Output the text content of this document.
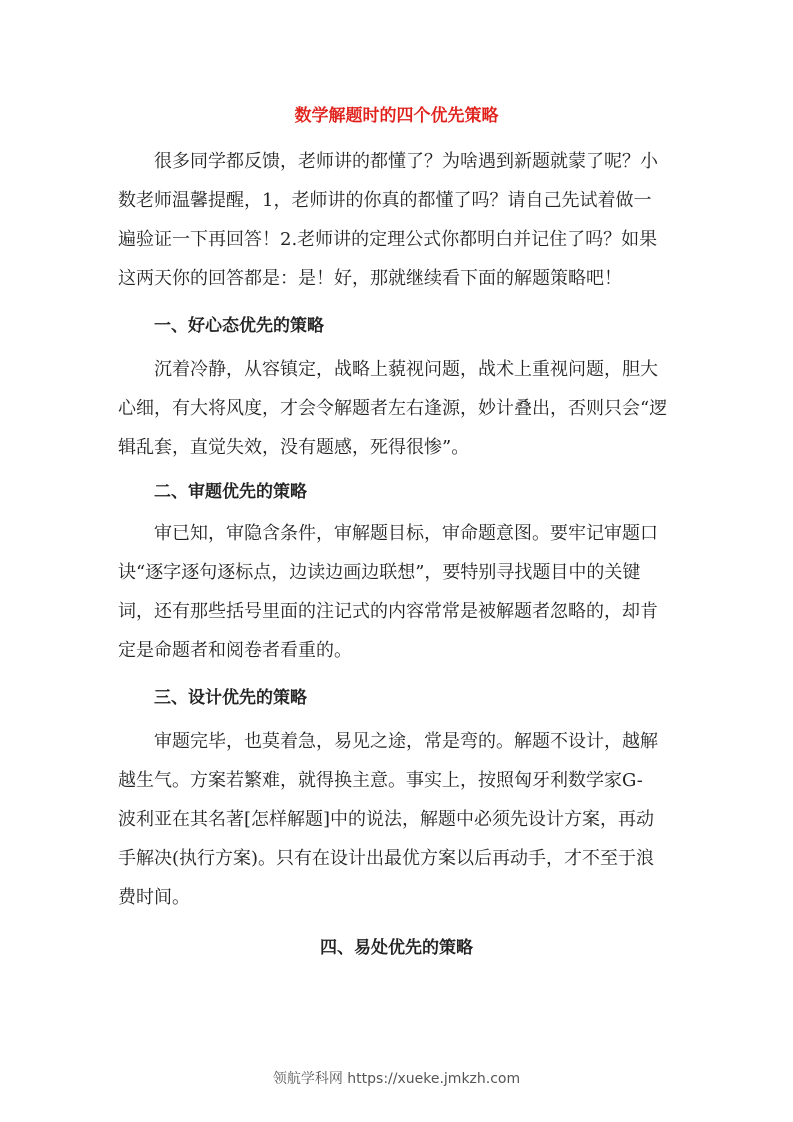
数学解题时的四个优先策略
　　很多同学都反馈，老师讲的都懂了？为啥遇到新题就蒙了呢？小
数老师温馨提醒，1，老师讲的你真的都懂了吗？请自己先试着做一
遍验证一下再回答！2.老师讲的定理公式你都明白并记住了吗？如果
这两天你的回答都是：是！好，那就继续看下面的解题策略吧！
一、好心态优先的策略
　　沉着冷静，从容镇定，战略上藐视问题，战术上重视问题，胆大
心细，有大将风度，才会令解题者左右逢源，妙计叠出，否则只会“逻
辑乱套，直觉失效，没有题感，死得很惨”。
二、审题优先的策略
　　审已知，审隐含条件，审解题目标，审命题意图。要牢记审题口
诀“逐字逐句逐标点，边读边画边联想”，要特别寻找题目中的关键
词，还有那些括号里面的注记式的内容常常是被解题者忽略的，却肯
定是命题者和阅卷者看重的。
三、设计优先的策略
　　审题完毕，也莫着急，易见之途，常是弯的。解题不设计，越解
越生气。方案若繁难，就得换主意。事实上，按照匈牙利数学家G-
波利亚在其名著[怎样解题]中的说法，解题中必须先设计方案，再动
手解决(执行方案)。只有在设计出最优方案以后再动手，才不至于浪
费时间。
四、易处优先的策略
领航学科网 https://xueke.jmkzh.com
